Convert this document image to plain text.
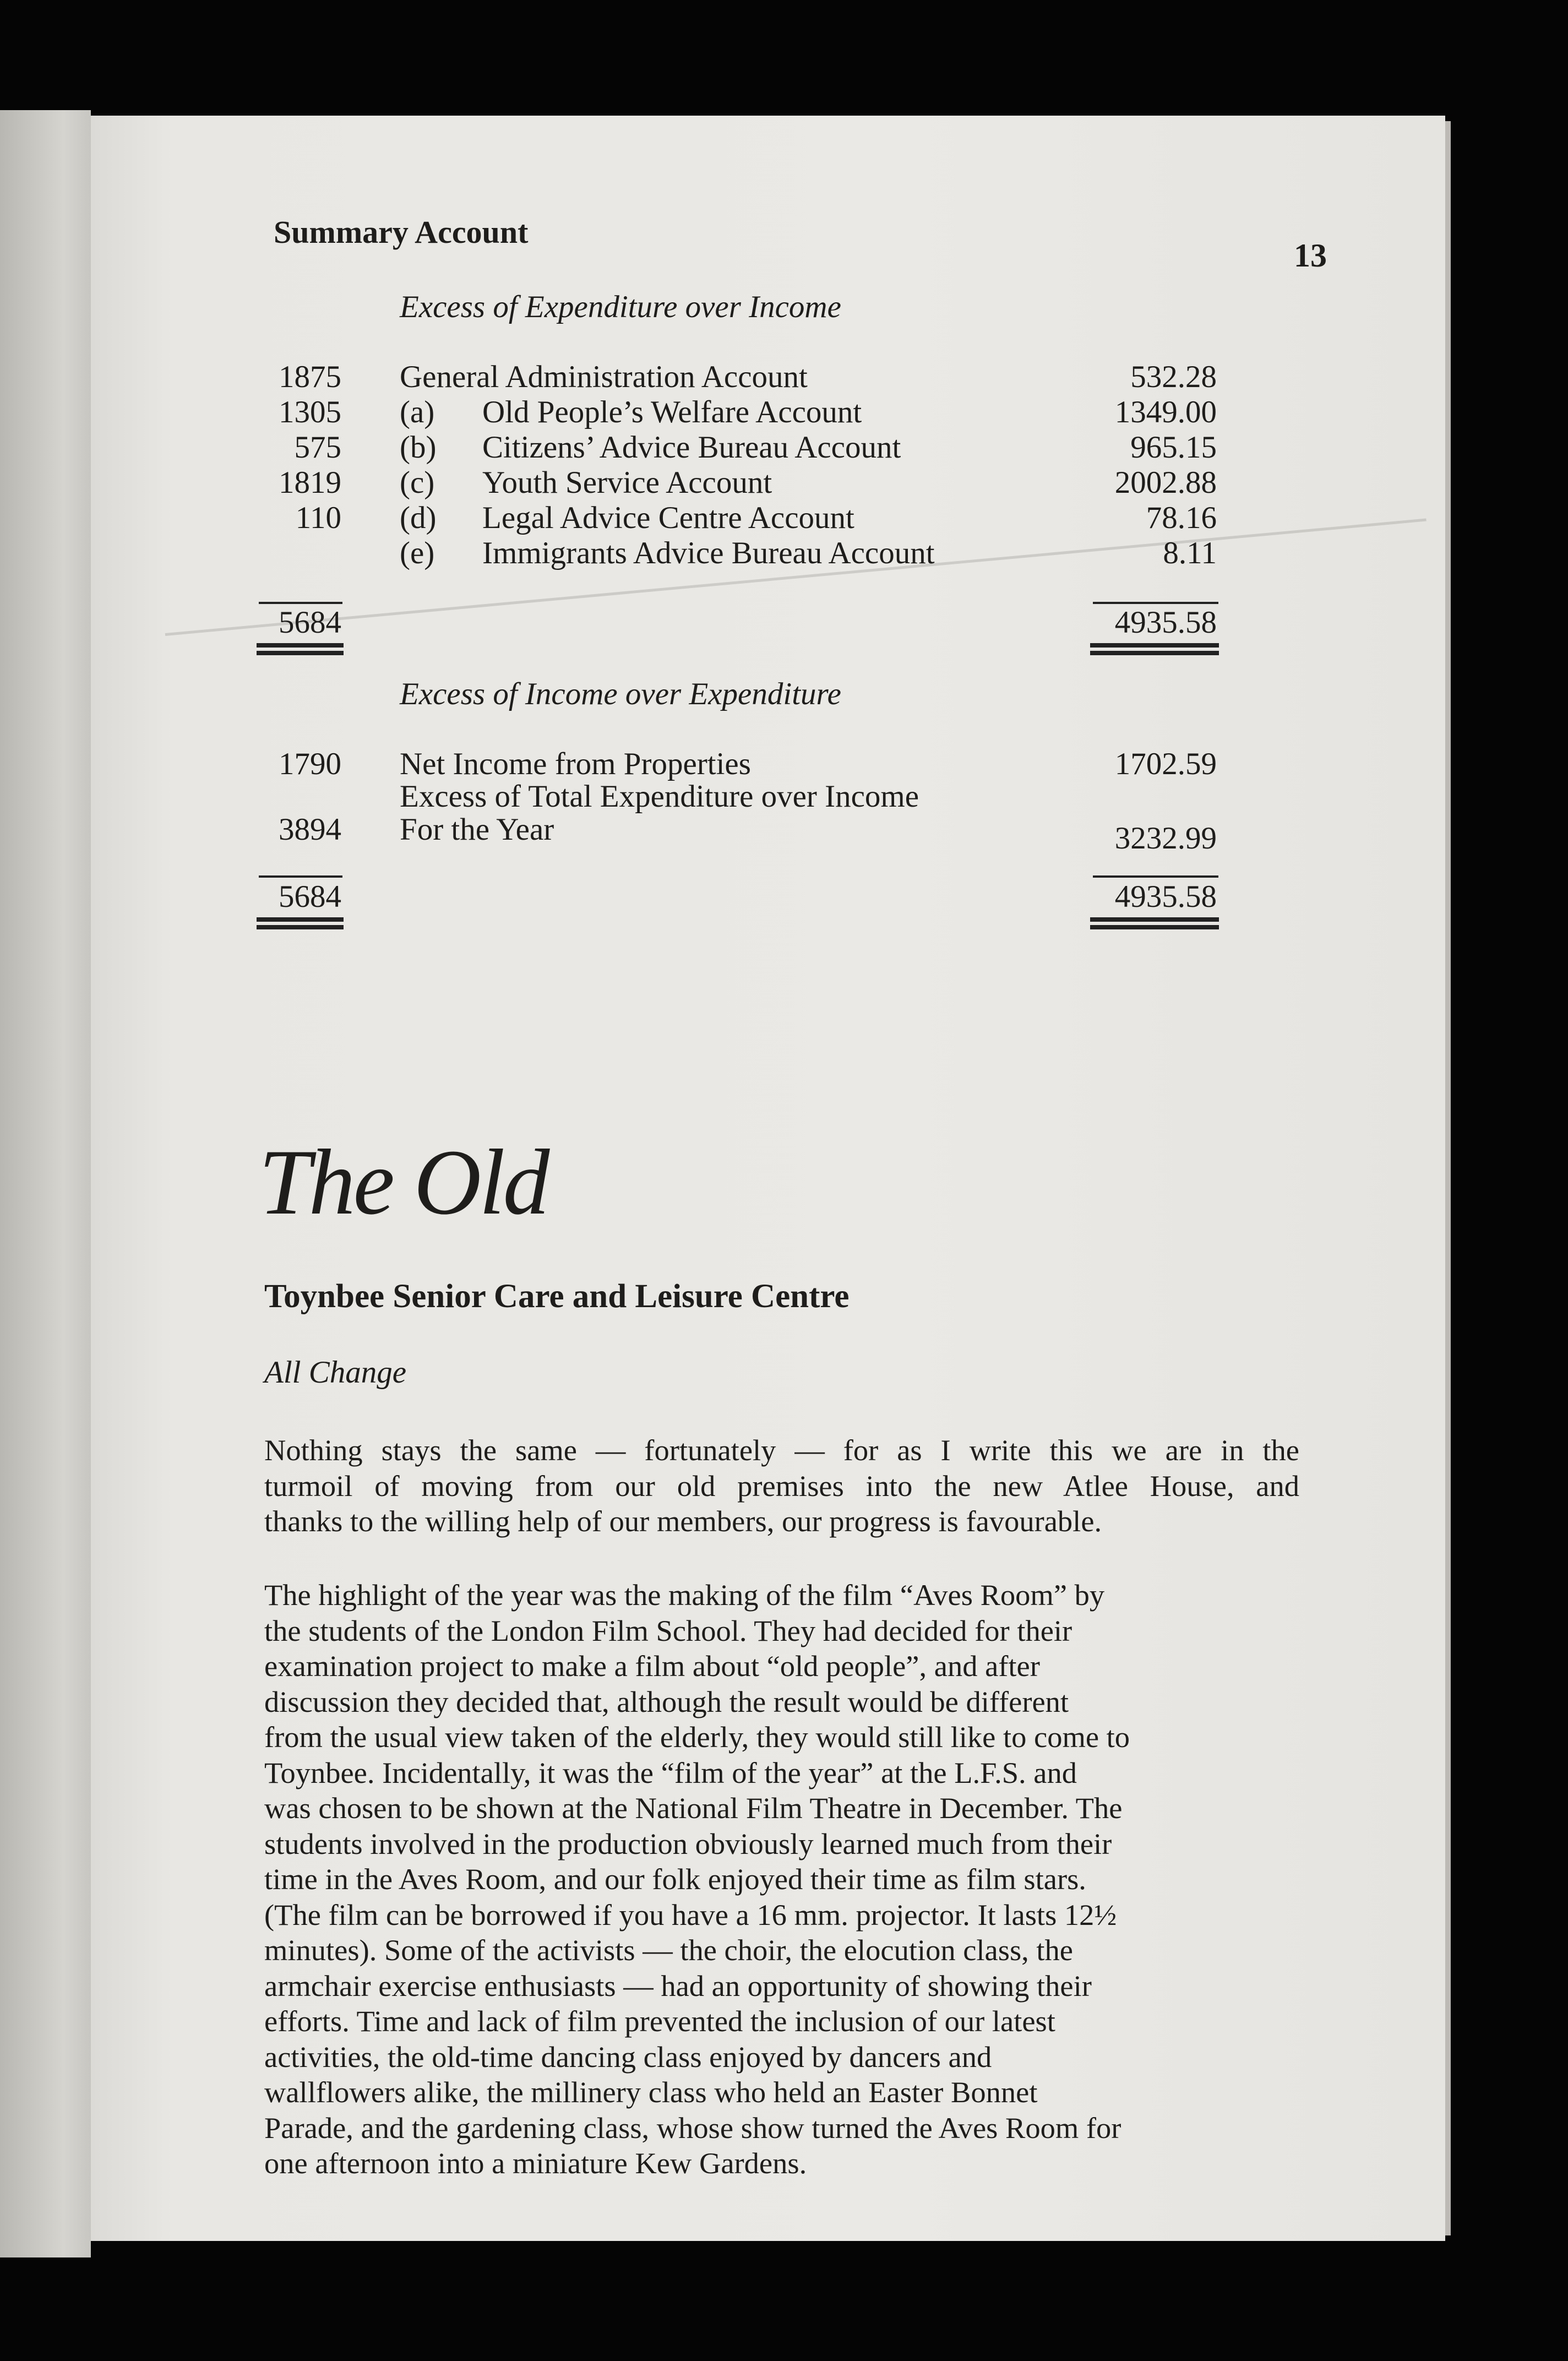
Summary Account
13
Excess of Expenditure over Income
1875 General Administration Account	532.28
1305 (a) Old People’s Welfare Account	1349.00
575 (b) Citizens’ Advice Bureau Account	965.15
1819 (c) Youth Service Account	2002.88
110 (d) Legal Advice Centre Account	78.16
(e) Immigrants Advice Bureau Account	8.11
5684	4935.58
Excess of Income over Expenditure
1790 Net Income from Properties	1702.59
Excess of Total Expenditure over Income
3894 For the Year	3232.99
5684	4935.58
The Old
Toynbee Senior Care and Leisure Centre
All Change
Nothing stays the same — fortunately — for as I write this we are in the
turmoil of moving from our old premises into the new Atlee House, and
thanks to the willing help of our members, our progress is favourable.
The highlight of the year was the making of the film “Aves Room” by
the students of the London Film School. They had decided for their
examination project to make a film about “old people”, and after
discussion they decided that, although the result would be different
from the usual view taken of the elderly, they would still like to come to
Toynbee. Incidentally, it was the “film of the year” at the L.F.S. and
was chosen to be shown at the National Film Theatre in December. The
students involved in the production obviously learned much from their
time in the Aves Room, and our folk enjoyed their time as film stars.
(The film can be borrowed if you have a 16 mm. projector. It lasts 12½
minutes). Some of the activists — the choir, the elocution class, the
armchair exercise enthusiasts — had an opportunity of showing their
efforts. Time and lack of film prevented the inclusion of our latest
activities, the old-time dancing class enjoyed by dancers and
wallflowers alike, the millinery class who held an Easter Bonnet
Parade, and the gardening class, whose show turned the Aves Room for
one afternoon into a miniature Kew Gardens.
